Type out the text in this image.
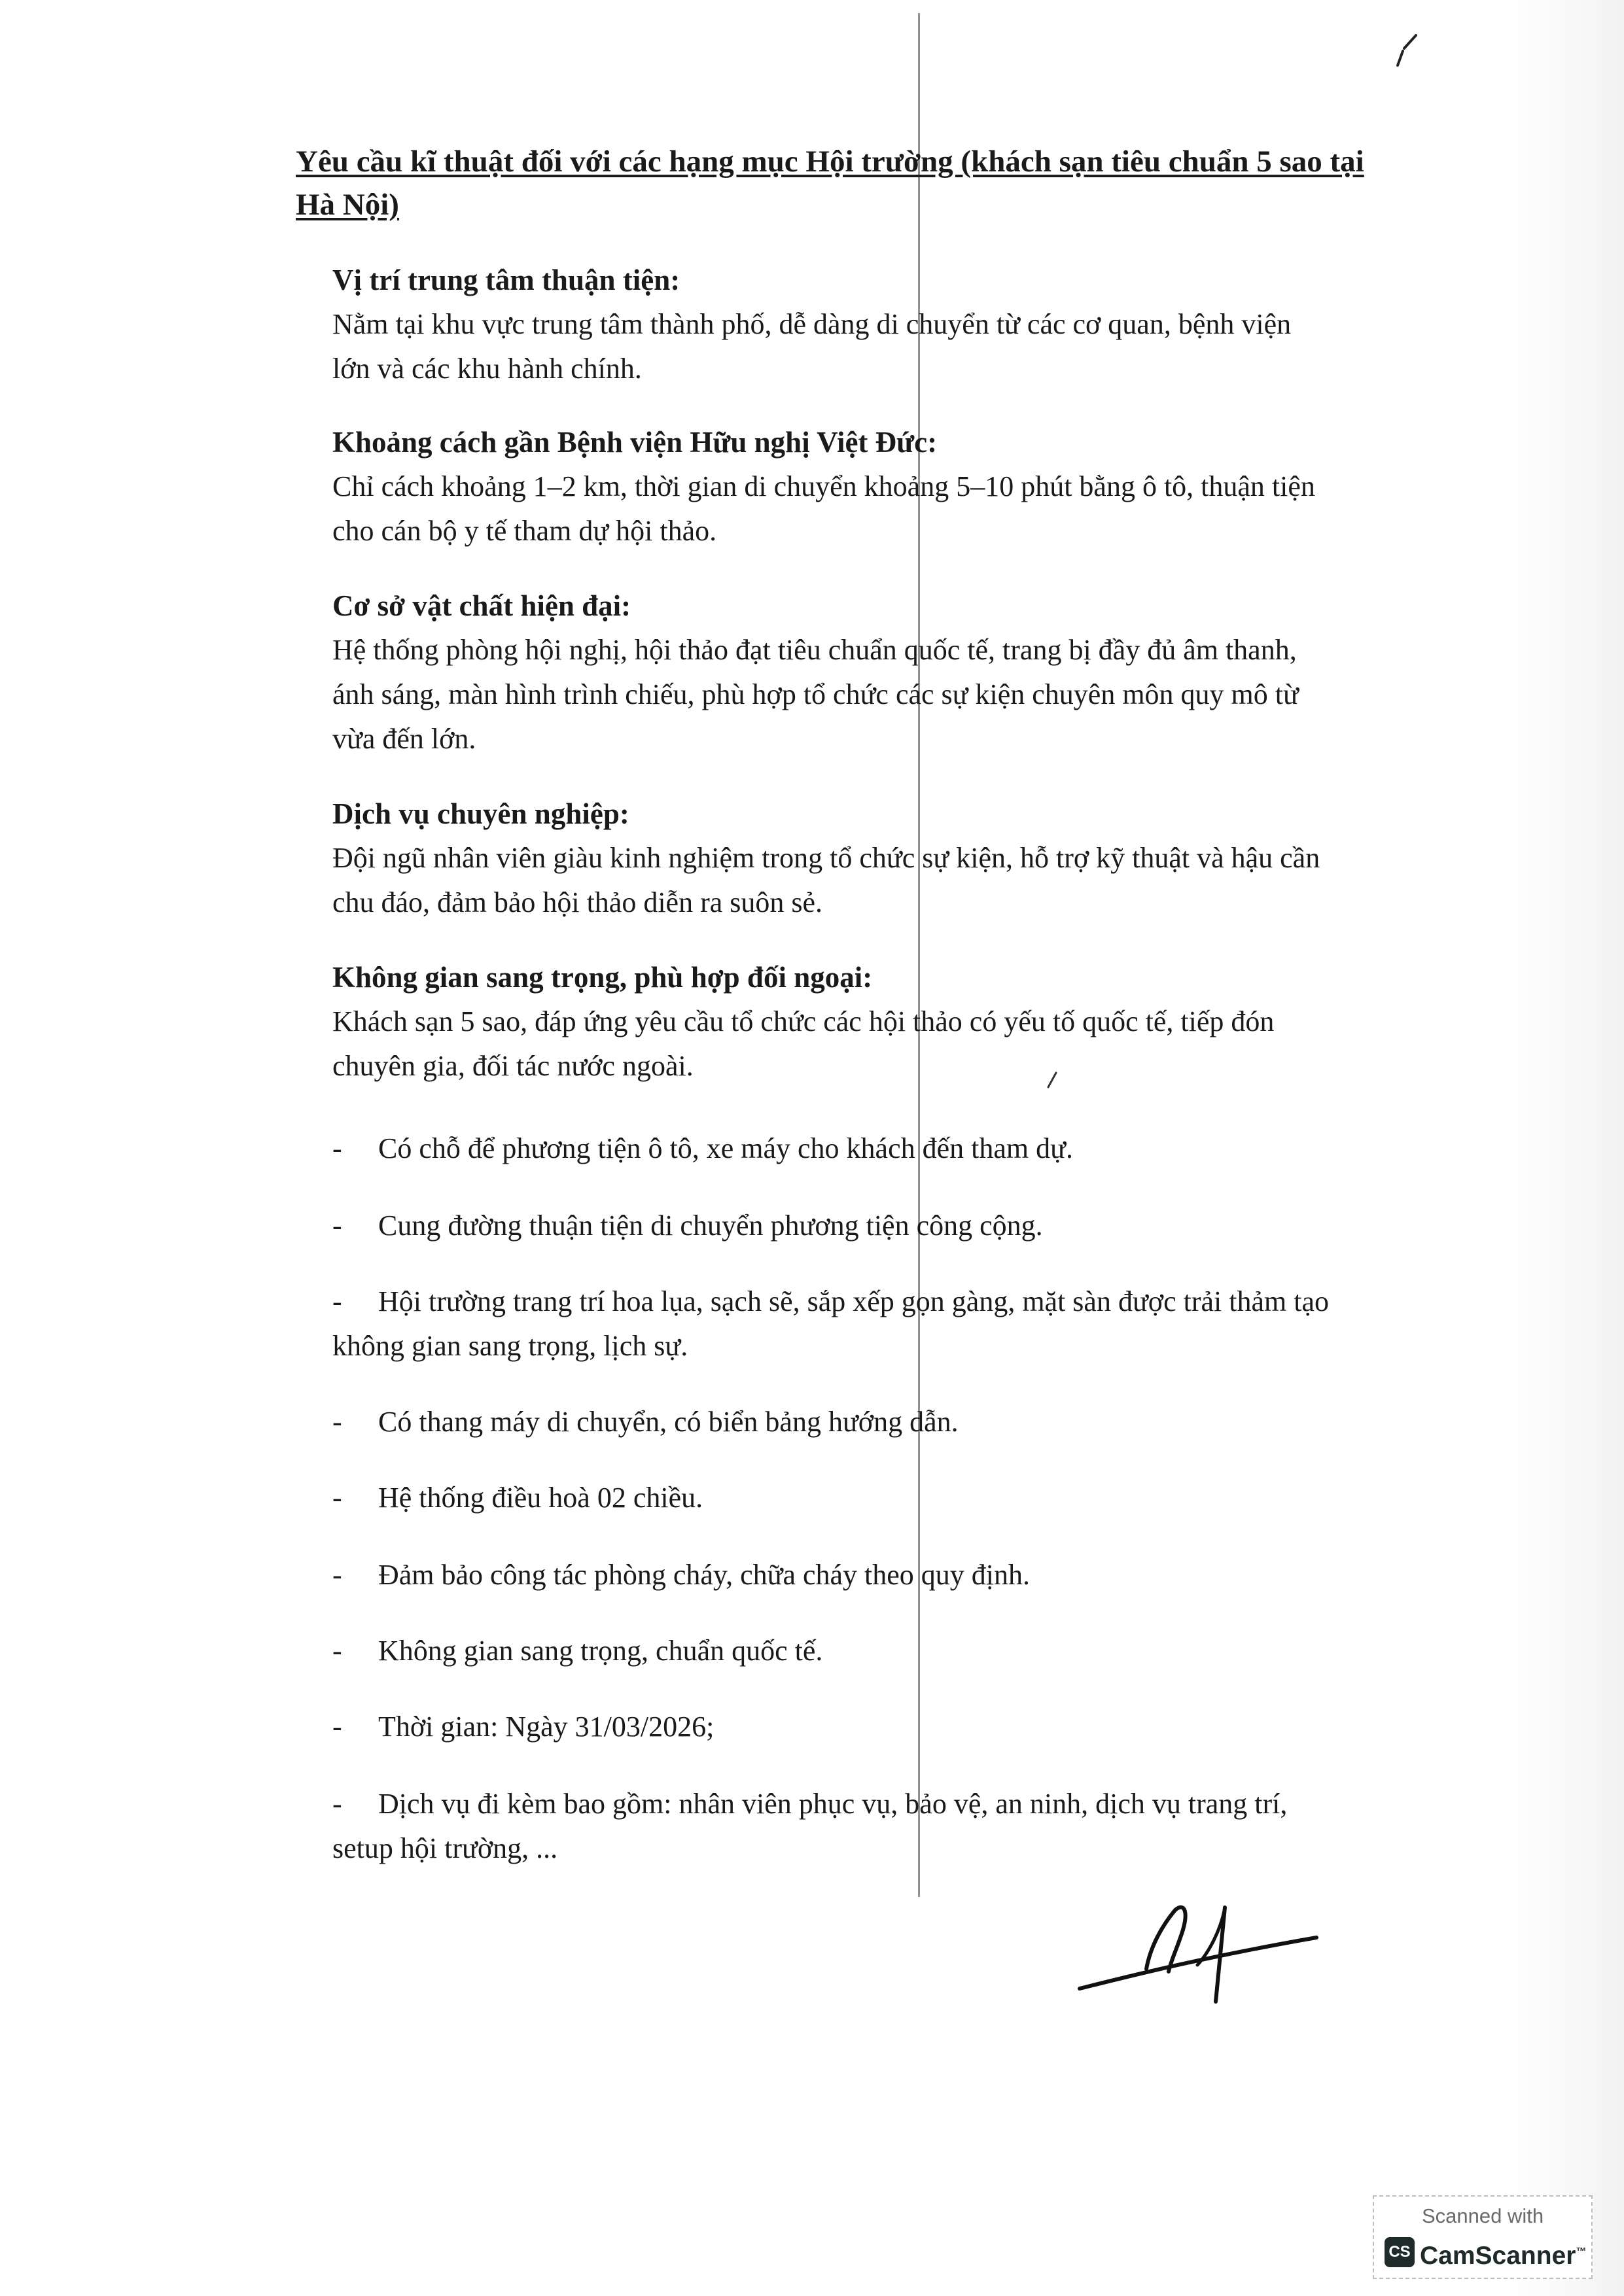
Yêu cầu kĩ thuật đối với các hạng mục Hội trường (khách sạn tiêu chuẩn 5 sao tại Hà Nội)
Vị trí trung tâm thuận tiện:
Nằm tại khu vực trung tâm thành phố, dễ dàng di chuyển từ các cơ quan, bệnh viện
lớn và các khu hành chính.
Khoảng cách gần Bệnh viện Hữu nghị Việt Đức:
Chỉ cách khoảng 1–2 km, thời gian di chuyển khoảng 5–10 phút bằng ô tô, thuận tiện
cho cán bộ y tế tham dự hội thảo.
Cơ sở vật chất hiện đại:
Hệ thống phòng hội nghị, hội thảo đạt tiêu chuẩn quốc tế, trang bị đầy đủ âm thanh,
ánh sáng, màn hình trình chiếu, phù hợp tổ chức các sự kiện chuyên môn quy mô từ
vừa đến lớn.
Dịch vụ chuyên nghiệp:
Đội ngũ nhân viên giàu kinh nghiệm trong tổ chức sự kiện, hỗ trợ kỹ thuật và hậu cần
chu đáo, đảm bảo hội thảo diễn ra suôn sẻ.
Không gian sang trọng, phù hợp đối ngoại:
Khách sạn 5 sao, đáp ứng yêu cầu tổ chức các hội thảo có yếu tố quốc tế, tiếp đón
chuyên gia, đối tác nước ngoài.
- Có chỗ để phương tiện ô tô, xe máy cho khách đến tham dự.
- Cung đường thuận tiện di chuyển phương tiện công cộng.
- Hội trường trang trí hoa lụa, sạch sẽ, sắp xếp gọn gàng, mặt sàn được trải thảm tạo
không gian sang trọng, lịch sự.
- Có thang máy di chuyển, có biển bảng hướng dẫn.
- Hệ thống điều hoà 02 chiều.
- Đảm bảo công tác phòng cháy, chữa cháy theo quy định.
- Không gian sang trọng, chuẩn quốc tế.
- Thời gian: Ngày 31/03/2026;
- Dịch vụ đi kèm bao gồm: nhân viên phục vụ, bảo vệ, an ninh, dịch vụ trang trí,
setup hội trường, ...
Scanned with
CS CamScanner™
